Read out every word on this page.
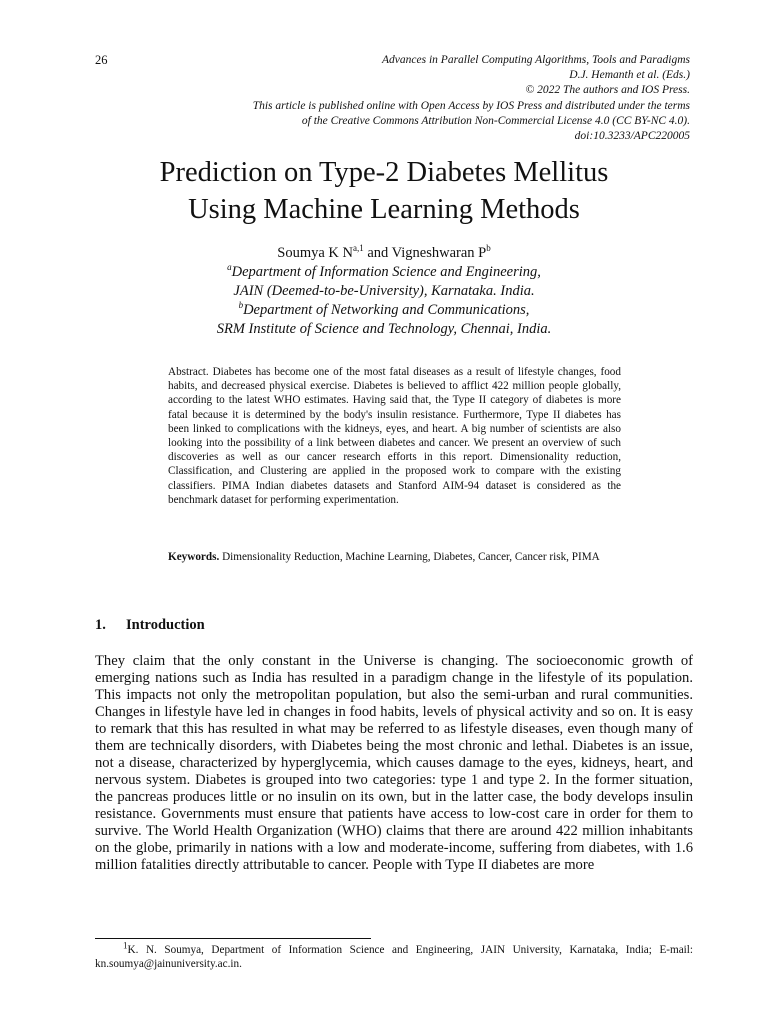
26	Advances in Parallel Computing Algorithms, Tools and Paradigms
D.J. Hemanth et al. (Eds.)
© 2022 The authors and IOS Press.
This article is published online with Open Access by IOS Press and distributed under the terms
of the Creative Commons Attribution Non-Commercial License 4.0 (CC BY-NC 4.0).
doi:10.3233/APC220005
Prediction on Type-2 Diabetes Mellitus
Using Machine Learning Methods
Soumya K N$^{a,1}$ and Vigneshwaran $P^b$
$^a$Department of Information Science and Engineering,
JAIN (Deemed-to-be-University), Karnataka. India.
$^b$Department of Networking and Communications,
SRM Institute of Science and Technology, Chennai, India.
Abstract. Diabetes has become one of the most fatal diseases as a result of lifestyle changes, food habits, and decreased physical exercise. Diabetes is believed to afflict 422 million people globally, according to the latest WHO estimates. Having said that, the Type II category of diabetes is more fatal because it is determined by the body's insulin resistance. Furthermore, Type II diabetes has been linked to complications with the kidneys, eyes, and heart. A big number of scientists are also looking into the possibility of a link between diabetes and cancer. We present an overview of such discoveries as well as our cancer research efforts in this report. Dimensionality reduction, Classification, and Clustering are applied in the proposed work to compare with the existing classifiers. PIMA Indian diabetes datasets and Stanford AIM-94 dataset is considered as the benchmark dataset for performing experimentation.
Keywords. Dimensionality Reduction, Machine Learning, Diabetes, Cancer, Cancer risk, PIMA
1. Introduction
They claim that the only constant in the Universe is changing. The socioeconomic growth of emerging nations such as India has resulted in a paradigm change in the lifestyle of its population. This impacts not only the metropolitan population, but also the semi-urban and rural communities. Changes in lifestyle have led in changes in food habits, levels of physical activity and so on. It is easy to remark that this has resulted in what may be referred to as lifestyle diseases, even though many of them are technically disorders, with Diabetes being the most chronic and lethal. Diabetes is an issue, not a disease, characterized by hyperglycemia, which causes damage to the eyes, kidneys, heart, and nervous system. Diabetes is grouped into two categories: type 1 and type 2. In the former situation, the pancreas produces little or no insulin on its own, but in the latter case, the body develops insulin resistance. Governments must ensure that patients have access to low-cost care in order for them to survive. The World Health Organization (WHO) claims that there are around 422 million inhabitants on the globe, primarily in nations with a low and moderate-income, suffering from diabetes, with 1.6 million fatalities directly attributable to cancer. People with Type II diabetes are more
$^1$K. N. Soumya, Department of Information Science and Engineering, JAIN University, Karnataka, India; E-mail: kn.soumya@jainuniversity.ac.in.
